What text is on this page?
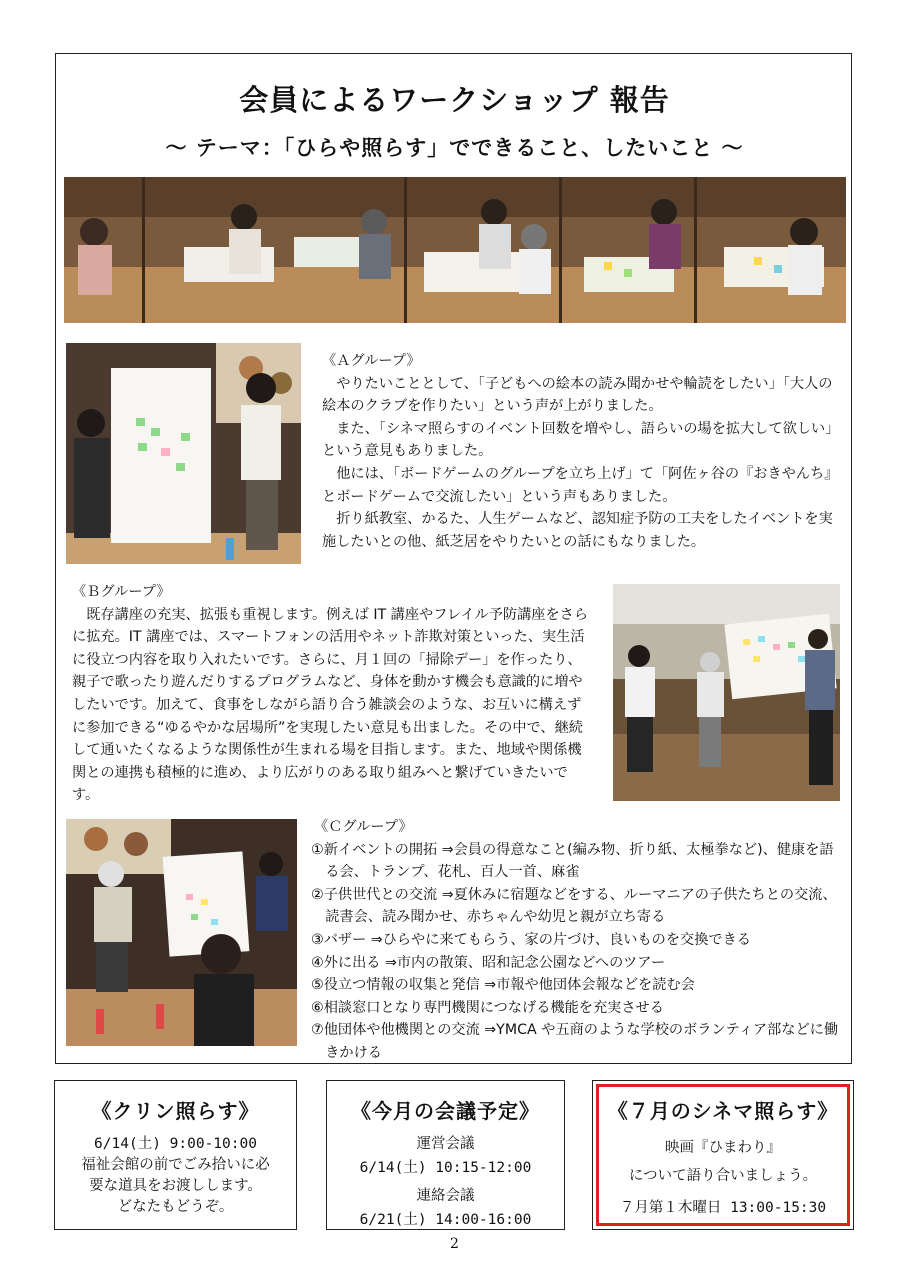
会員によるワークショップ 報告
～ テーマ：「ひらや照らす」でできること、したいこと ～

《Ａグループ》

やりたいこととして、「子どもへの絵本の読み聞かせや輪読をしたい」「大人の絵本のクラブを作りたい」という声が上がりました。

また、「シネマ照らすのイベント回数を増やし、語らいの場を拡大して欲しい」という意見もありました。

他には、「ボードゲームのグループを立ち上げ」て「阿佐ヶ谷の『おきやんち』とボードゲームで交流したい」という声もありました。

折り紙教室、かるた、人生ゲームなど、認知症予防の工夫をしたイベントを実施したいとの他、紙芝居をやりたいとの話にもなりました。

《Ｂグループ》

既存講座の充実、拡張も重視します。例えば IT 講座やフレイル予防講座をさらに拡充。IT 講座では、スマートフォンの活用やネット詐欺対策といった、実生活に役立つ内容を取り入れたいです。さらに、月１回の「掃除デー」を作ったり、親子で歌ったり遊んだりするプログラムなど、身体を動かす機会も意識的に増やしたいです。加えて、食事をしながら語り合う雑談会のような、お互いに構えずに参加できる“ゆるやかな居場所”を実現したい意見も出ました。その中で、継続して通いたくなるような関係性が生まれる場を目指します。また、地域や関係機関との連携も積極的に進め、より広がりのある取り組みへと繋げていきたいです。

《Ｃグループ》

①新イベントの開拓 ⇒会員の得意なこと(編み物、折り紙、太極拳など)、健康を語る会、トランプ、花札、百人一首、麻雀

②子供世代との交流 ⇒夏休みに宿題などをする、ルーマニアの子供たちとの交流、読書会、読み聞かせ、赤ちゃんや幼児と親が立ち寄る

③バザー ⇒ひらやに来てもらう、家の片づけ、良いものを交換できる

④外に出る ⇒市内の散策、昭和記念公園などへのツアー

⑤役立つ情報の収集と発信 ⇒市報や他団体会報などを読む会

⑥相談窓口となり専門機関につなげる機能を充実させる

⑦他団体や他機関との交流 ⇒YMCA や五商のような学校のボランティア部などに働きかける

《クリン照らす》
6/14(土) 9:00-10:00
福祉会館の前でごみ拾いに必
要な道具をお渡しします。
どなたもどうぞ。
《今月の会議予定》
運営会議
6/14(土) 10:15-12:00
連絡会議
6/21(土) 14:00-16:00
《７月のシネマ照らす》
映画『ひまわり』
について語り合いましょう。
７月第１木曜日 13:00-15:30
2
